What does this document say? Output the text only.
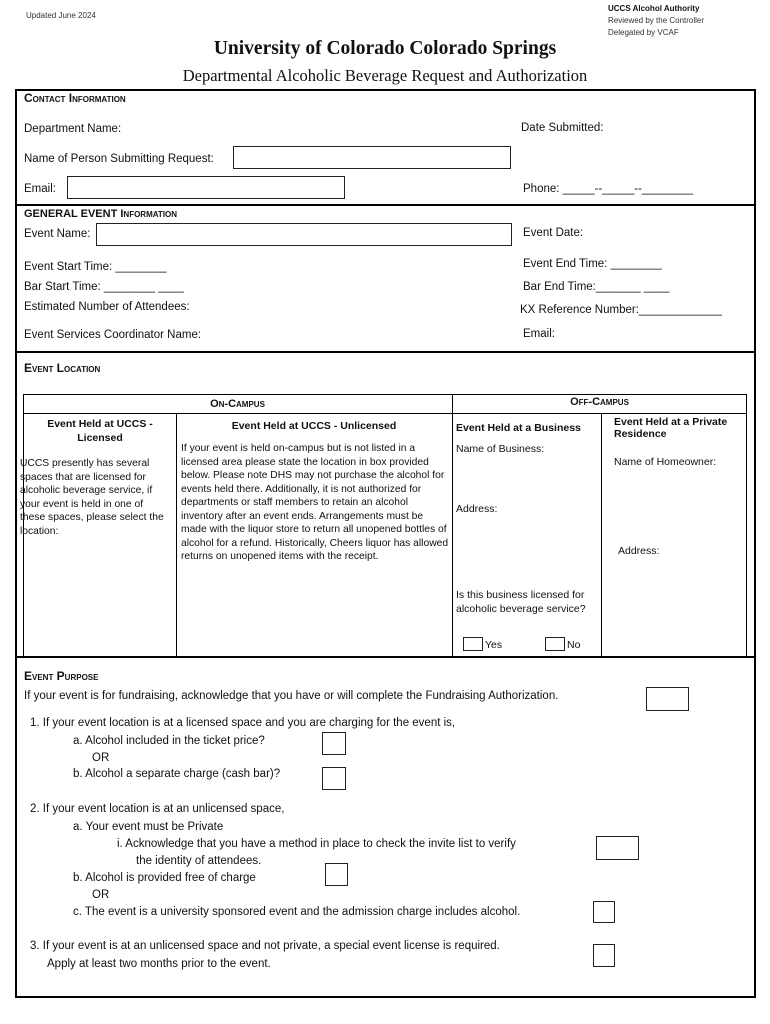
Updated June 2024
UCCS Alcohol Authority
Reviewed by the Controller
Delegated by VCAF
University of Colorado Colorado Springs
Departmental Alcoholic Beverage Request and Authorization
Contact Information
Department Name:	Date Submitted:
Name of Person Submitting Request:
Email:	Phone: _____--_____--________
GENERAL EVENT Information
Event Name:	Event Date:
Event Start Time: ________	Event End Time: ________
Bar Start Time: ________ ____	Bar End Time:_______ ____
Estimated Number of Attendees:	KX Reference Number:_____________
Event Services Coordinator Name:	Email:
Event Location
On-Campus	Off-Campus
Event Held at UCCS - Licensed
UCCS presently has several spaces that are licensed for alcoholic beverage service, if your event is held in one of these spaces, please select the location:
Event Held at UCCS - Unlicensed
If your event is held on-campus but is not listed in a licensed area please state the location in box provided below. Please note DHS may not purchase the alcohol for events held there. Additionally, it is not authorized for departments or staff members to retain an alcohol inventory after an event ends. Arrangements must be made with the liquor store to return all unopened bottles of alcohol for a refund. Historically, Cheers liquor has allowed returns on unopened items with the receipt.
Event Held at a Business
Name of Business:
Address:
Is this business licensed for alcoholic beverage service?
Yes	No
Event Held at a Private Residence
Name of Homeowner:
Address:
Event Purpose
If your event is for fundraising, acknowledge that you have or will complete the Fundraising Authorization.
1. If your event location is at a licensed space and you are charging for the event is,
a. Alcohol included in the ticket price?
OR
b. Alcohol a separate charge (cash bar)?
2. If your event location is at an unlicensed space,
a. Your event must be Private
i. Acknowledge that you have a method in place to check the invite list to verify
the identity of attendees.
b. Alcohol is provided free of charge
OR
c. The event is a university sponsored event and the admission charge includes alcohol.
3. If your event is at an unlicensed space and not private, a special event license is required.
Apply at least two months prior to the event.
